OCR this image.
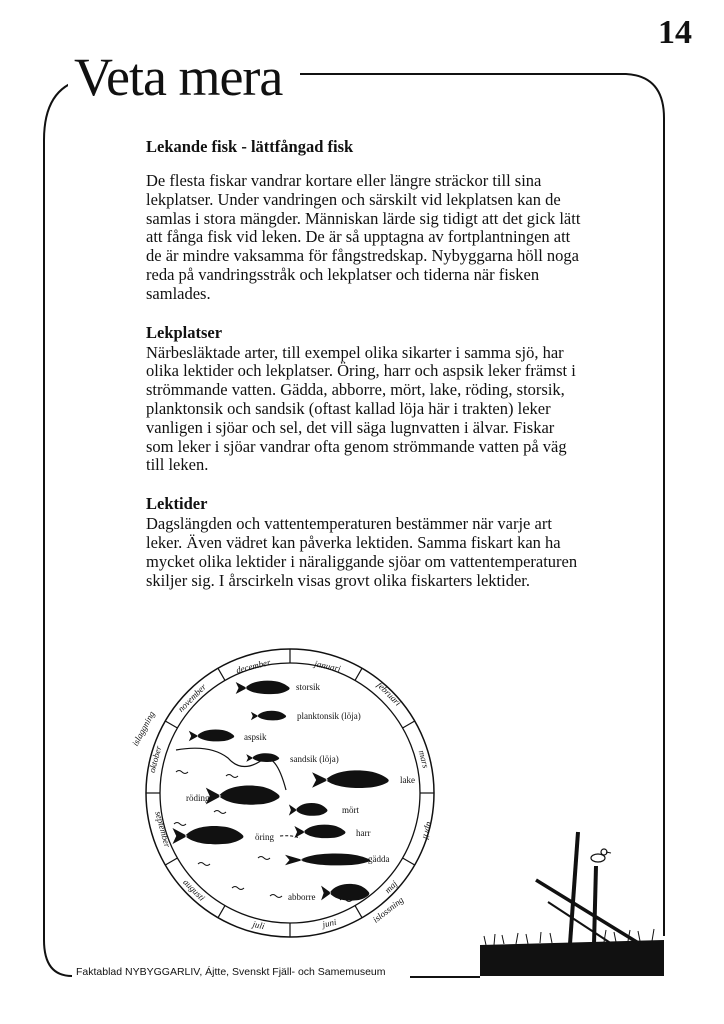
14
Veta mera

Lekande fisk - lättfångad fisk

De flesta fiskar vandrar kortare eller längre sträckor till sina lekplatser. Under vandringen och särskilt vid lekplatsen kan de samlas i stora mängder. Människan lärde sig tidigt att det gick lätt att fånga fisk vid leken. De är så upptagna av fortplantningen att de är mindre vaksamma för fångstredskap. Nybyggarna höll noga reda på vandringsstråk och lekplatser och tiderna när fisken samlades.

Lekplatser

Närbesläktade arter, till exempel olika sikarter i samma sjö, har olika lektider och lekplatser. Öring, harr och aspsik leker främst i strömmande vatten. Gädda, abborre, mört, lake, röding, storsik, planktonsik och sandsik (oftast kallad löja här i trakten) leker vanligen i sjöar och sel, det vill säga lugnvatten i älvar. Fiskar som leker i sjöar vandrar ofta genom strömmande vatten på väg till leken.

Lektider

Dagslängden och vattentemperaturen bestämmer när varje art leker. Även vädret kan påverka lektiden. Samma fiskart kan ha mycket olika lektider i näraliggande sjöar om vattentemperaturen skiljer sig. I årscirkeln visas grovt olika fiskarters lektider.

januari
februari
mars
april
maj
juni
juli
augusti
september
oktober
november
december
islaggning
islossning
storsik
planktonsik (löja)
aspsik
sandsik (löja)
lake
röding
mört
öring	harr
gädda
abborre
Faktablad NYBYGGARLIV, Ájtte, Svenskt Fjäll- och Samemuseum
